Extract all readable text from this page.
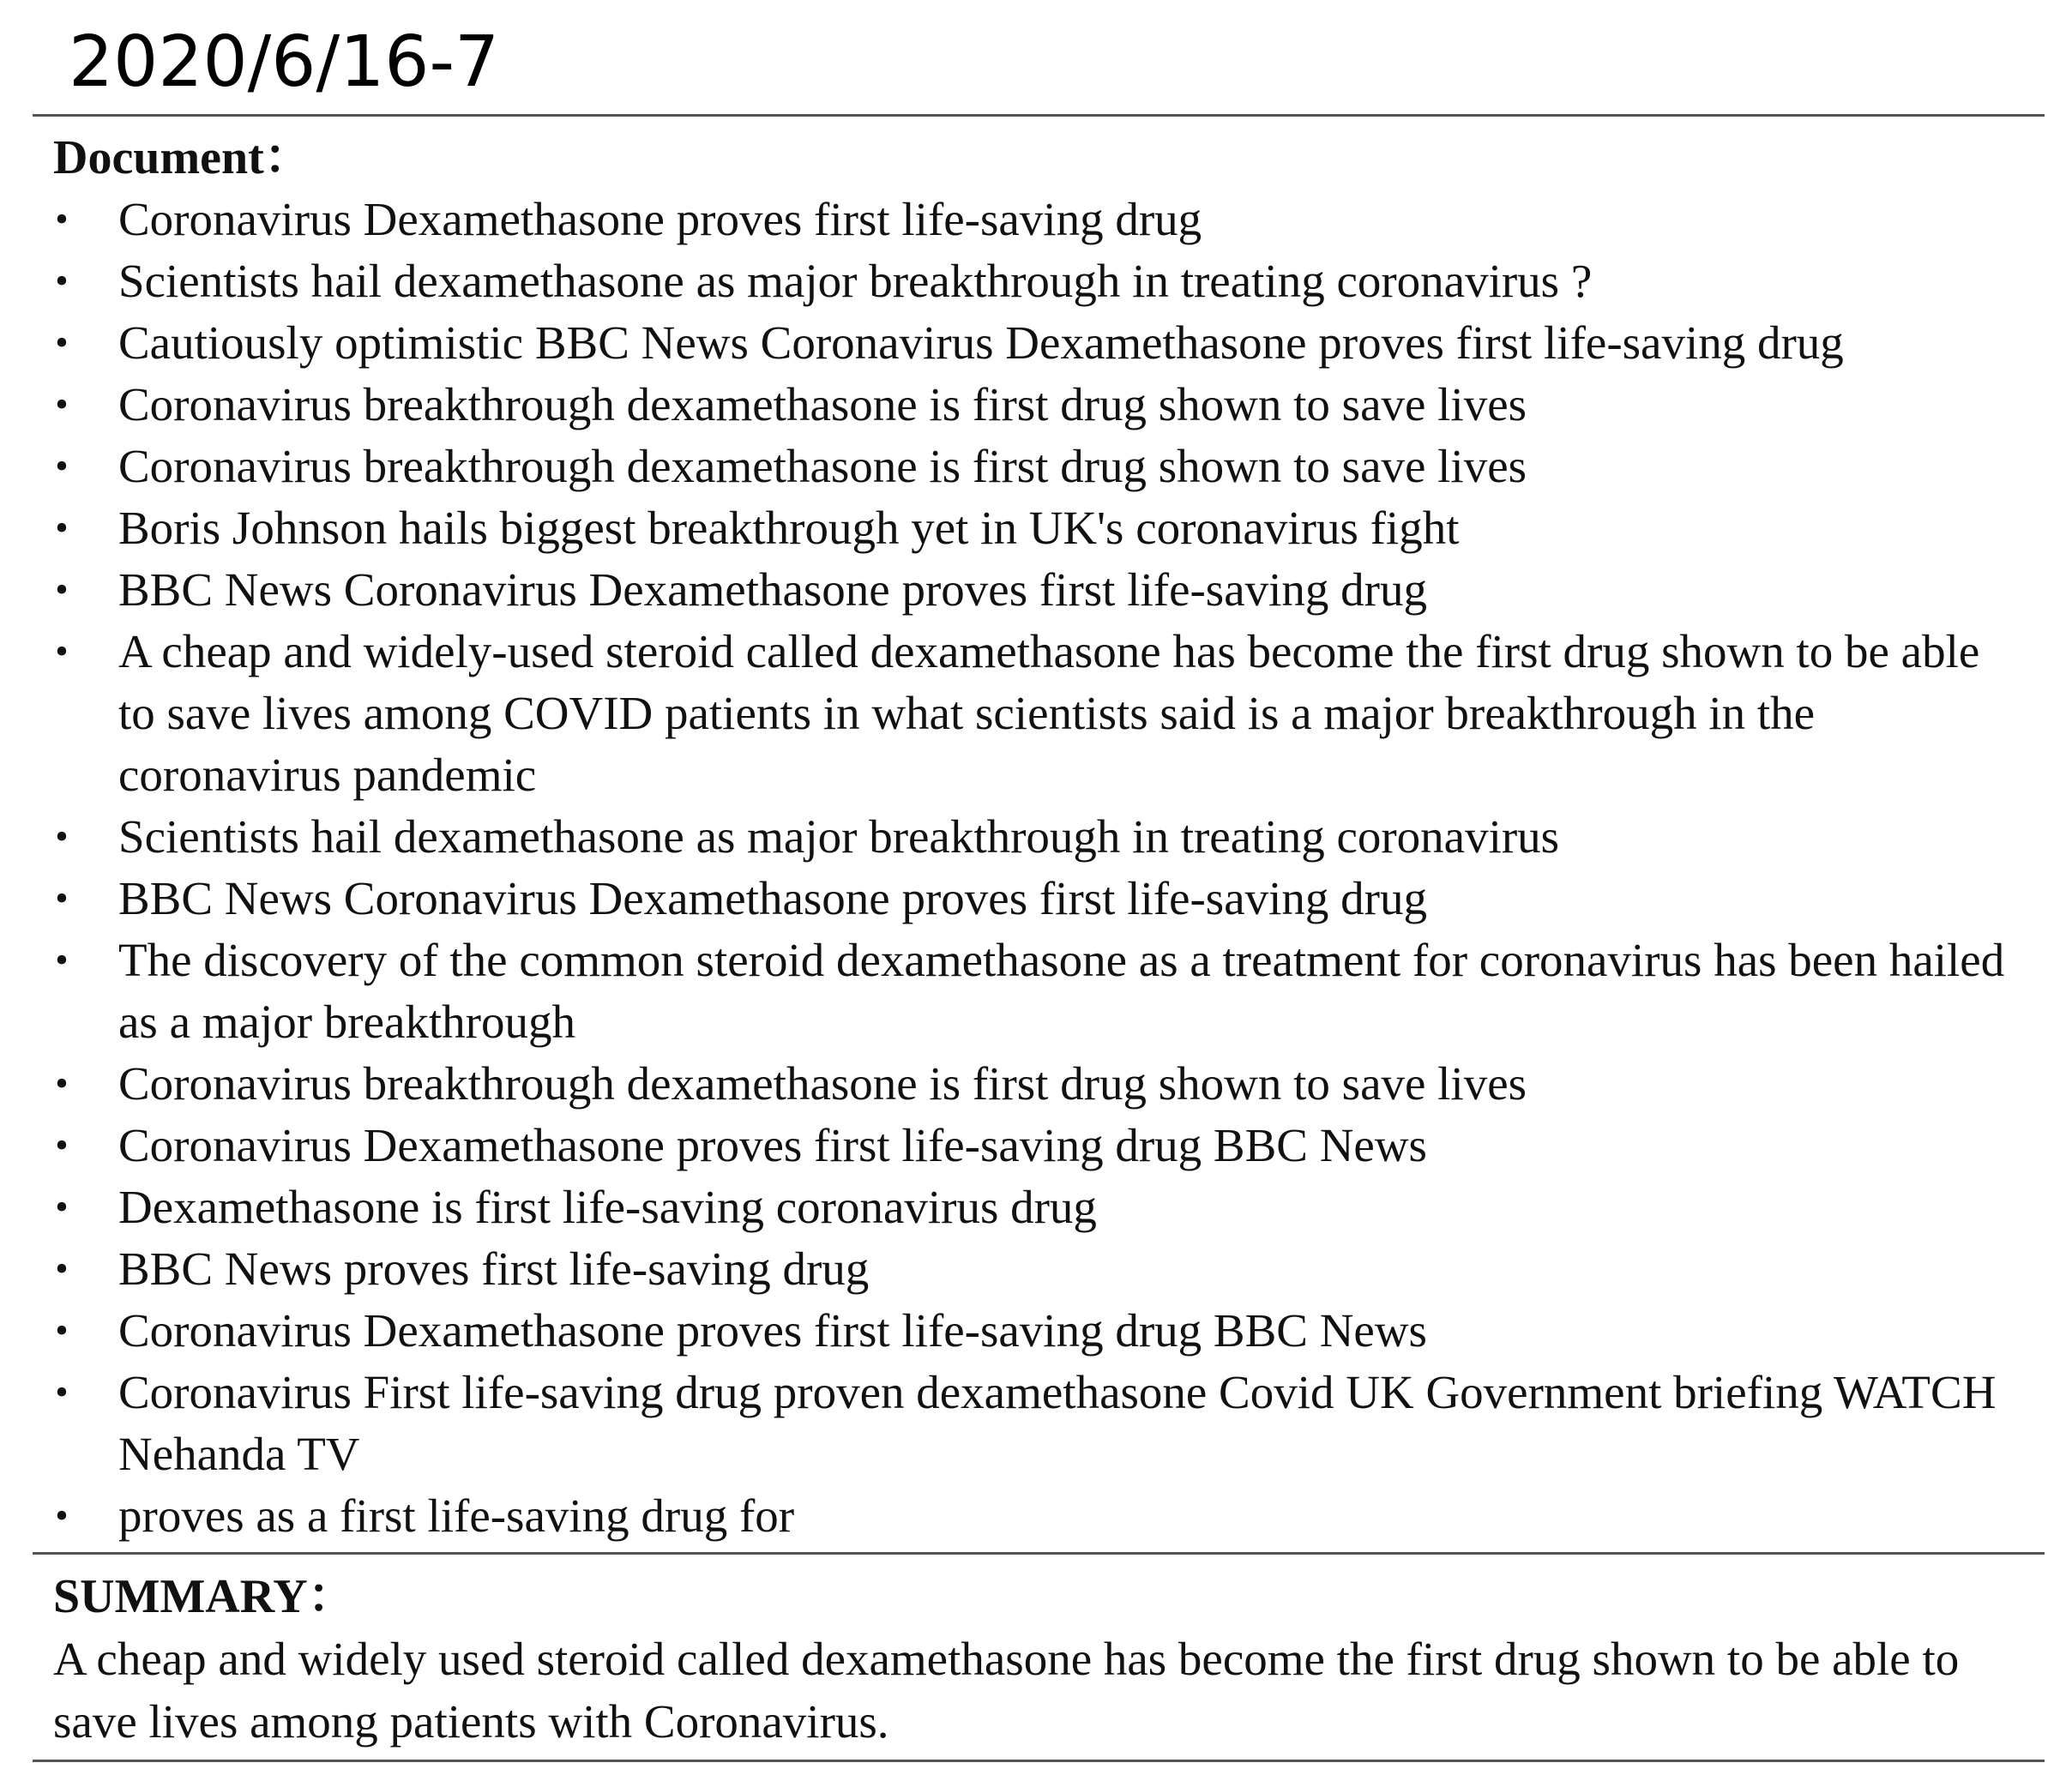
2020/6/16-7
Document：
• Coronavirus Dexamethasone proves first life-saving drug
• Scientists hail dexamethasone as major breakthrough in treating coronavirus ?
• Cautiously optimistic BBC News Coronavirus Dexamethasone proves first life-saving drug
• Coronavirus breakthrough dexamethasone is first drug shown to save lives
• Coronavirus breakthrough dexamethasone is first drug shown to save lives
• Boris Johnson hails biggest breakthrough yet in UK's coronavirus fight
• BBC News Coronavirus Dexamethasone proves first life-saving drug
• A cheap and widely-used steroid called dexamethasone has become the first drug shown to be able to save lives among COVID patients in what scientists said is a major breakthrough in the coronavirus pandemic
• Scientists hail dexamethasone as major breakthrough in treating coronavirus
• BBC News Coronavirus Dexamethasone proves first life-saving drug
• The discovery of the common steroid dexamethasone as a treatment for coronavirus has been hailed as a major breakthrough
• Coronavirus breakthrough dexamethasone is first drug shown to save lives
• Coronavirus Dexamethasone proves first life-saving drug BBC News
• Dexamethasone is first life-saving coronavirus drug
• BBC News proves first life-saving drug
• Coronavirus Dexamethasone proves first life-saving drug BBC News
• Coronavirus First life-saving drug proven dexamethasone Covid UK Government briefing WATCH Nehanda TV
• proves as a first life-saving drug for
SUMMARY：
A cheap and widely used steroid called dexamethasone has become the first drug shown to be able to save lives among patients with Coronavirus.
